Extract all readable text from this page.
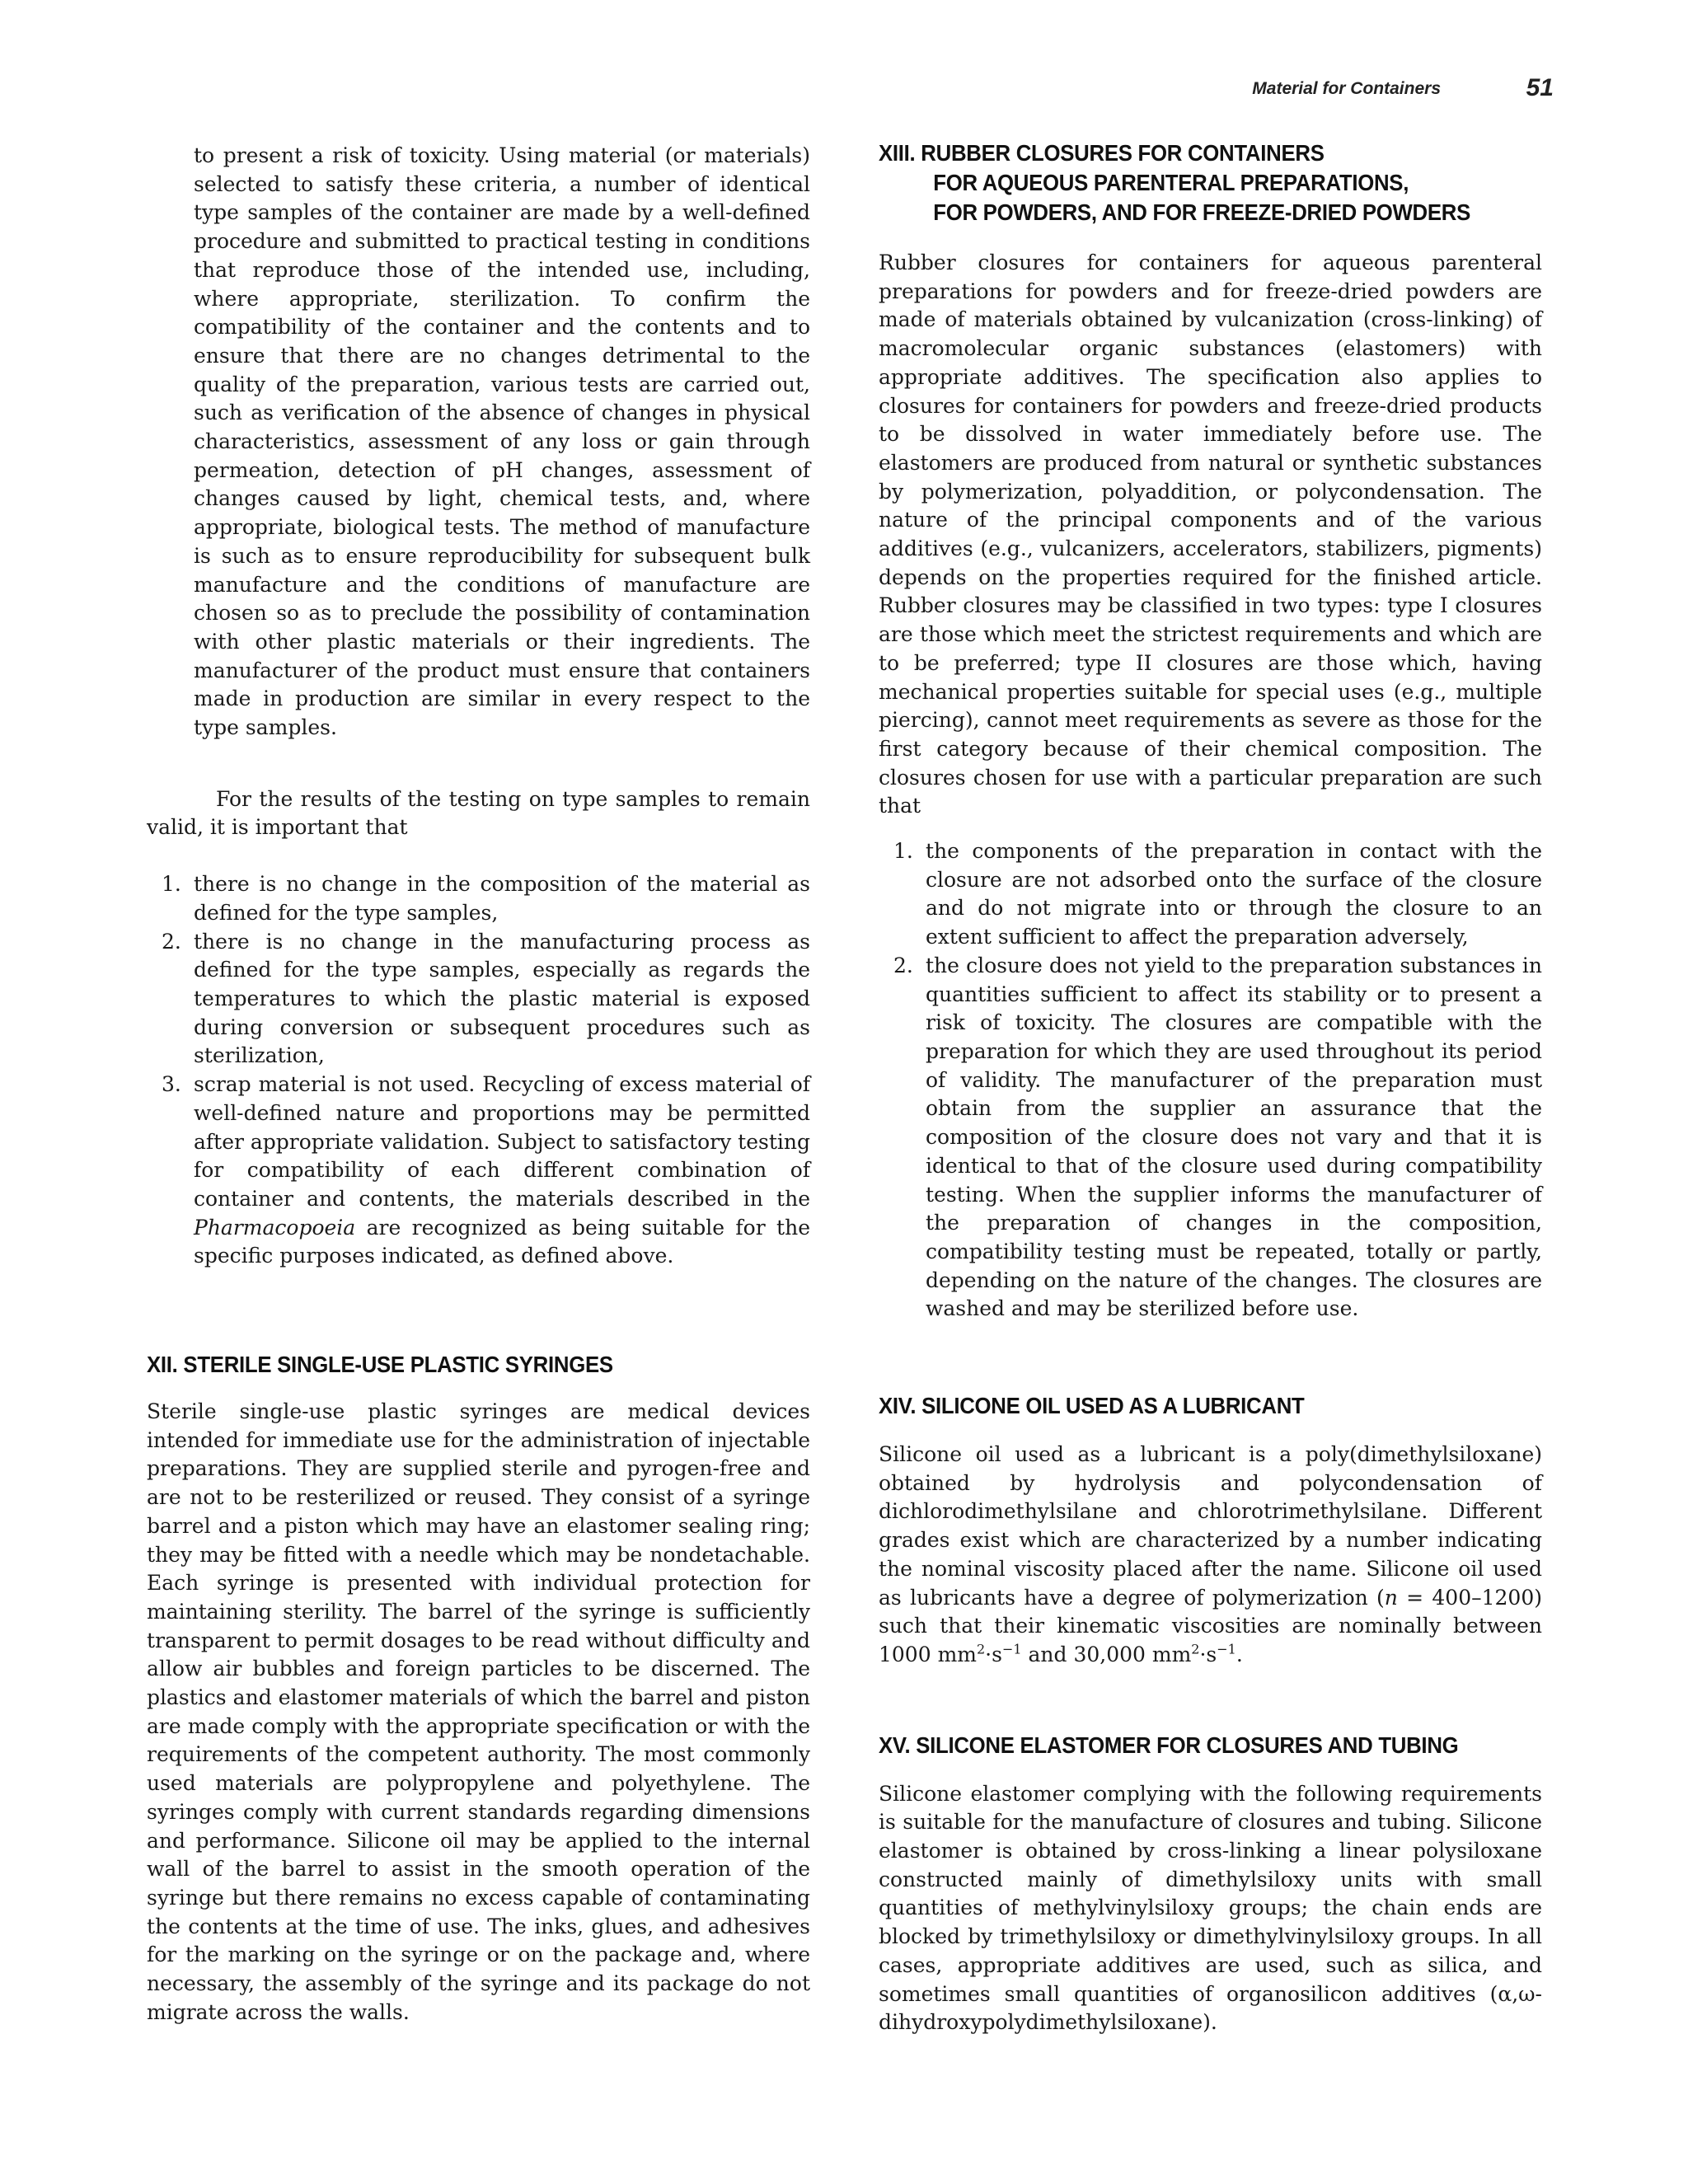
Material for Containers	51

to present a risk of toxicity. Using material (or materials) selected to satisfy these criteria, a number of identical type samples of the container are made by a well-defined procedure and submitted to practical testing in conditions that reproduce those of the intended use, including, where appropriate, sterilization. To confirm the compatibility of the container and the contents and to ensure that there are no changes detrimental to the quality of the preparation, various tests are carried out, such as verification of the absence of changes in physical characteristics, assessment of any loss or gain through permeation, detection of pH changes, assessment of changes caused by light, chemical tests, and, where appropriate, biological tests. The method of manufacture is such as to ensure reproducibility for subsequent bulk manufacture and the conditions of manufacture are chosen so as to preclude the possibility of contamination with other plastic materials or their ingredients. The manufacturer of the product must ensure that containers made in production are similar in every respect to the type samples.

For the results of the testing on type samples to remain valid, it is important that

1. there is no change in the composition of the material as defined for the type samples,
2. there is no change in the manufacturing process as defined for the type samples, especially as regards the temperatures to which the plastic material is exposed during conversion or subsequent procedures such as sterilization,
3. scrap material is not used. Recycling of excess material of well-defined nature and proportions may be permitted after appropriate validation. Subject to satisfactory testing for compatibility of each different combination of container and contents, the materials described in the Pharmacopoeia are recognized as being suitable for the specific purposes indicated, as defined above.
XII. STERILE SINGLE-USE PLASTIC SYRINGES

Sterile single-use plastic syringes are medical devices intended for immediate use for the administration of injectable preparations. They are supplied sterile and pyrogen-free and are not to be resterilized or reused. They consist of a syringe barrel and a piston which may have an elastomer sealing ring; they may be fitted with a needle which may be nondetachable. Each syringe is presented with individual protection for maintaining sterility. The barrel of the syringe is sufficiently transparent to permit dosages to be read without difficulty and allow air bubbles and foreign particles to be discerned. The plastics and elastomer materials of which the barrel and piston are made comply with the appropriate specification or with the requirements of the competent authority. The most commonly used materials are polypropylene and polyethylene. The syringes comply with current standards regarding dimensions and performance. Silicone oil may be applied to the internal wall of the barrel to assist in the smooth operation of the syringe but there remains no excess capable of contaminating the contents at the time of use. The inks, glues, and adhesives for the marking on the syringe or on the package and, where necessary, the assembly of the syringe and its package do not migrate across the walls.

XIII. RUBBER CLOSURES FOR CONTAINERS
FOR AQUEOUS PARENTERAL PREPARATIONS,
FOR POWDERS, AND FOR FREEZE-DRIED POWDERS

Rubber closures for containers for aqueous parenteral preparations for powders and for freeze-dried powders are made of materials obtained by vulcanization (cross-linking) of macromolecular organic substances (elastomers) with appropriate additives. The specification also applies to closures for containers for powders and freeze-dried products to be dissolved in water immediately before use. The elastomers are produced from natural or synthetic substances by polymerization, polyaddition, or polycondensation. The nature of the principal components and of the various additives (e.g., vulcanizers, accelerators, stabilizers, pigments) depends on the properties required for the finished article. Rubber closures may be classified in two types: type I closures are those which meet the strictest requirements and which are to be preferred; type II closures are those which, having mechanical properties suitable for special uses (e.g., multiple piercing), cannot meet requirements as severe as those for the first category because of their chemical composition. The closures chosen for use with a particular preparation are such that

1. the components of the preparation in contact with the closure are not adsorbed onto the surface of the closure and do not migrate into or through the closure to an extent sufficient to affect the preparation adversely,
2. the closure does not yield to the preparation substances in quantities sufficient to affect its stability or to present a risk of toxicity. The closures are compatible with the preparation for which they are used throughout its period of validity. The manufacturer of the preparation must obtain from the supplier an assurance that the composition of the closure does not vary and that it is identical to that of the closure used during compatibility testing. When the supplier informs the manufacturer of the preparation of changes in the composition, compatibility testing must be repeated, totally or partly, depending on the nature of the changes. The closures are washed and may be sterilized before use.
XIV. SILICONE OIL USED AS A LUBRICANT

Silicone oil used as a lubricant is a poly(dimethylsiloxane) obtained by hydrolysis and polycondensation of dichlorodimethylsilane and chlorotrimethylsilane. Different grades exist which are characterized by a number indicating the nominal viscosity placed after the name. Silicone oil used as lubricants have a degree of polymerization (n = 400–1200) such that their kinematic viscosities are nominally between 1000 $mm^2\cdot s^{-1}$ and 30,000 $mm^2\cdot s^{-1}$.

XV. SILICONE ELASTOMER FOR CLOSURES AND TUBING

Silicone elastomer complying with the following requirements is suitable for the manufacture of closures and tubing. Silicone elastomer is obtained by cross-linking a linear polysiloxane constructed mainly of dimethylsiloxy units with small quantities of methylvinylsiloxy groups; the chain ends are blocked by trimethylsiloxy or dimethylvinylsiloxy groups. In all cases, appropriate additives are used, such as silica, and sometimes small quantities of organosilicon additives (α,ω-dihydroxypolydimethylsiloxane).
